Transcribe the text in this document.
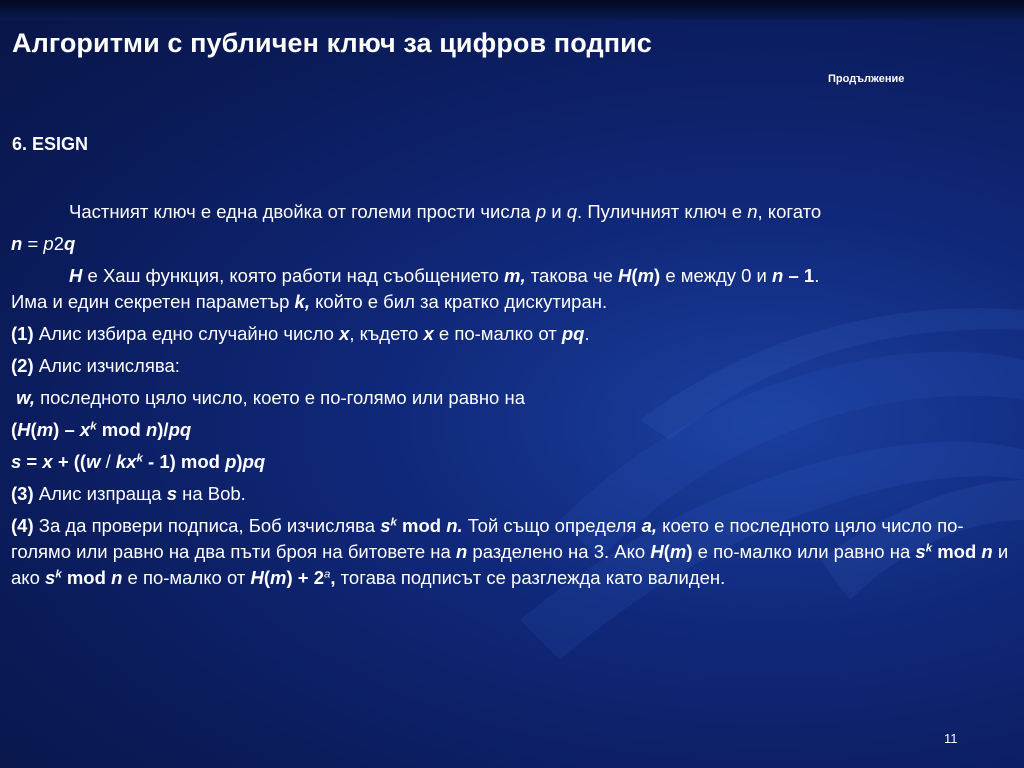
Алгоритми с публичен ключ за цифров подпис
Продължение
6. ESIGN

Частният ключ е една двойка от големи прости числа p и q. Пуличният ключ е n, когато

n = p2q

H е Хаш функция, която работи над съобщението m, такова че H(m) е между 0 и n – 1.
Има и един секретен параметър k, който е бил за кратко дискутиран.

(1) Алис избира едно случайно число x, където x е по-малко от pq.

(2) Алис изчислява:

w, последното цяло число, което е по-голямо или равно на

($H(m) - x^k$ mod n)/pq

$s = x + ((w / kx^k - 1)$ mod p)pq

(3) Алис изпраща s на Bob.

(4) За да провери подписа, Боб изчислява $s^k$ mod n. Той също определя a, което е последното цяло число по-голямо или равно на два пъти броя на битовете на n разделено на 3. Ако H(m) е по-малко или равно на $s^k$ mod n и ако $s^k$ mod n е по-малко от $H(m) + 2^a$, тогава подписът се разглежда като валиден.

11
